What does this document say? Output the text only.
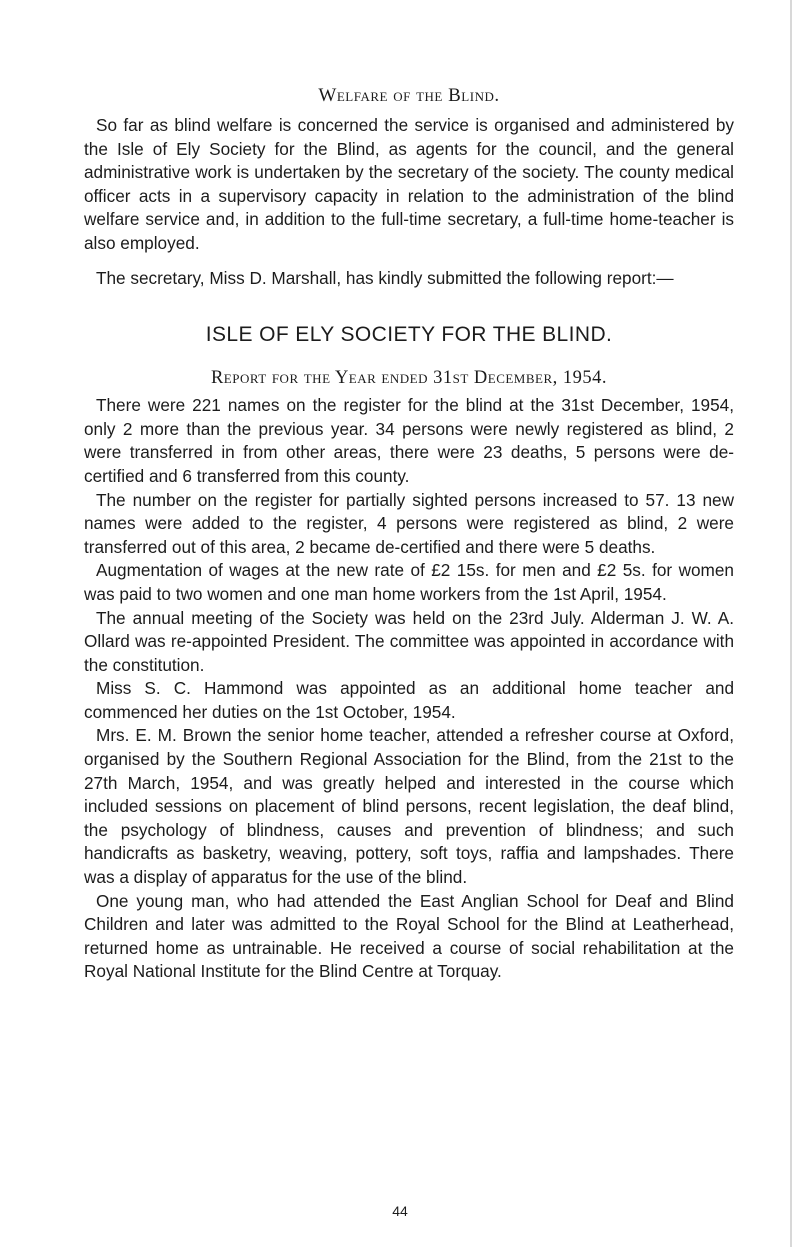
Welfare of the Blind.

So far as blind welfare is concerned the service is organised and administered by the Isle of Ely Society for the Blind, as agents for the council, and the general administrative work is undertaken by the secretary of the society. The county medical officer acts in a supervisory capacity in relation to the administration of the blind welfare service and, in addition to the full-time secretary, a full-time home-teacher is also employed.

The secretary, Miss D. Marshall, has kindly submitted the following report:—

ISLE OF ELY SOCIETY FOR THE BLIND.
Report for the Year ended 31st December, 1954.

There were 221 names on the register for the blind at the 31st December, 1954, only 2 more than the previous year. 34 persons were newly registered as blind, 2 were transferred in from other areas, there were 23 deaths, 5 persons were de-certified and 6 transferred from this county.

The number on the register for partially sighted persons increased to 57. 13 new names were added to the register, 4 persons were registered as blind, 2 were transferred out of this area, 2 became de-certified and there were 5 deaths.

Augmentation of wages at the new rate of £2 15s. for men and £2 5s. for women was paid to two women and one man home workers from the 1st April, 1954.

The annual meeting of the Society was held on the 23rd July. Alderman J. W. A. Ollard was re-appointed President. The committee was appointed in accordance with the constitution.

Miss S. C. Hammond was appointed as an additional home teacher and commenced her duties on the 1st October, 1954.

Mrs. E. M. Brown the senior home teacher, attended a refresher course at Oxford, organised by the Southern Regional Association for the Blind, from the 21st to the 27th March, 1954, and was greatly helped and interested in the course which included sessions on placement of blind persons, recent legislation, the deaf blind, the psychology of blindness, causes and prevention of blindness; and such handicrafts as basketry, weaving, pottery, soft toys, raffia and lampshades. There was a display of apparatus for the use of the blind.

One young man, who had attended the East Anglian School for Deaf and Blind Children and later was admitted to the Royal School for the Blind at Leatherhead, returned home as untrainable. He received a course of social rehabilitation at the Royal National Institute for the Blind Centre at Torquay.

44
